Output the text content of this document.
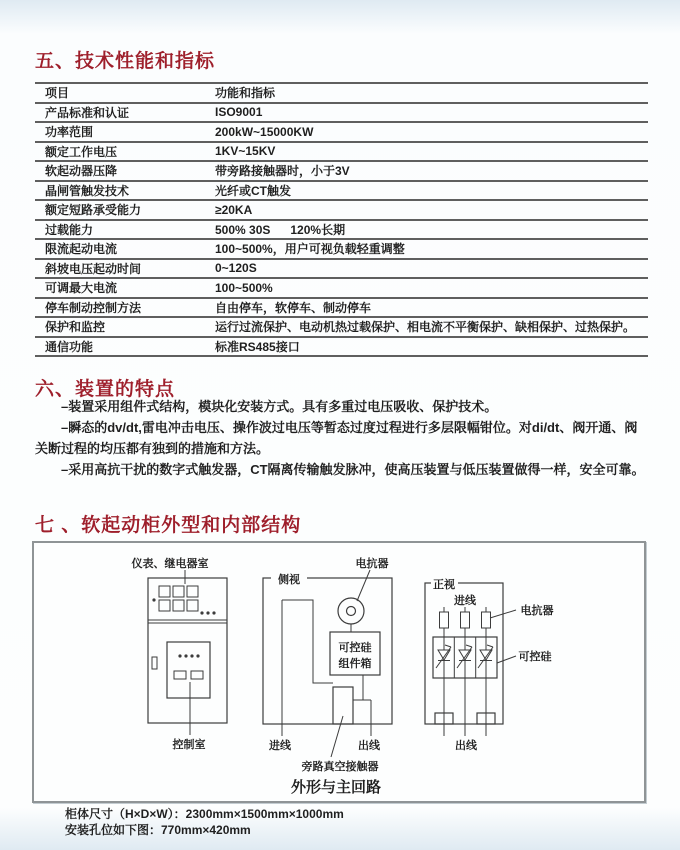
五、技术性能和指标
项目	功能和指标
产品标准和认证	ISO9001
功率范围	200kW~15000KW
额定工作电压	1KV~15KV
软起动器压降	带旁路接触器时，小于3V
晶闸管触发技术	光纤或CT触发
额定短路承受能力	≥20KA
过载能力	500% 30S      120%长期
限流起动电流	100~500%，用户可视负载轻重调整
斜坡电压起动时间	0~120S
可调最大电流	100~500%
停车制动控制方法	自由停车，软停车、制动停车
保护和监控	运行过流保护、电动机热过载保护、相电流不平衡保护、缺相保护、过热保护。
通信功能	标准RS485接口
六、装置的特点

–装置采用组件式结构，模块化安装方式。具有多重过电压吸收、保护技术。

–瞬态的dv/dt,雷电冲击电压、操作波过电压等暂态过度过程进行多层限幅钳位。对di/dt、阀开通、阀关断过程的均压都有独到的措施和方法。

–采用高抗干扰的数字式触发器，CT隔离传输触发脉冲，使高压装置与低压装置做得一样，安全可靠。

七 、软起动柜外型和内部结构
仪表、继电器室
控制室
侧视
电抗器
可控硅
组件箱
进线	出线
旁路真空接触器
正视
进线
电抗器
可控硅
出线
外形与主回路
柜体尺寸（H×D×W）：2300mm×1500mm×1000mm
安装孔位如下图：770mm×420mm
